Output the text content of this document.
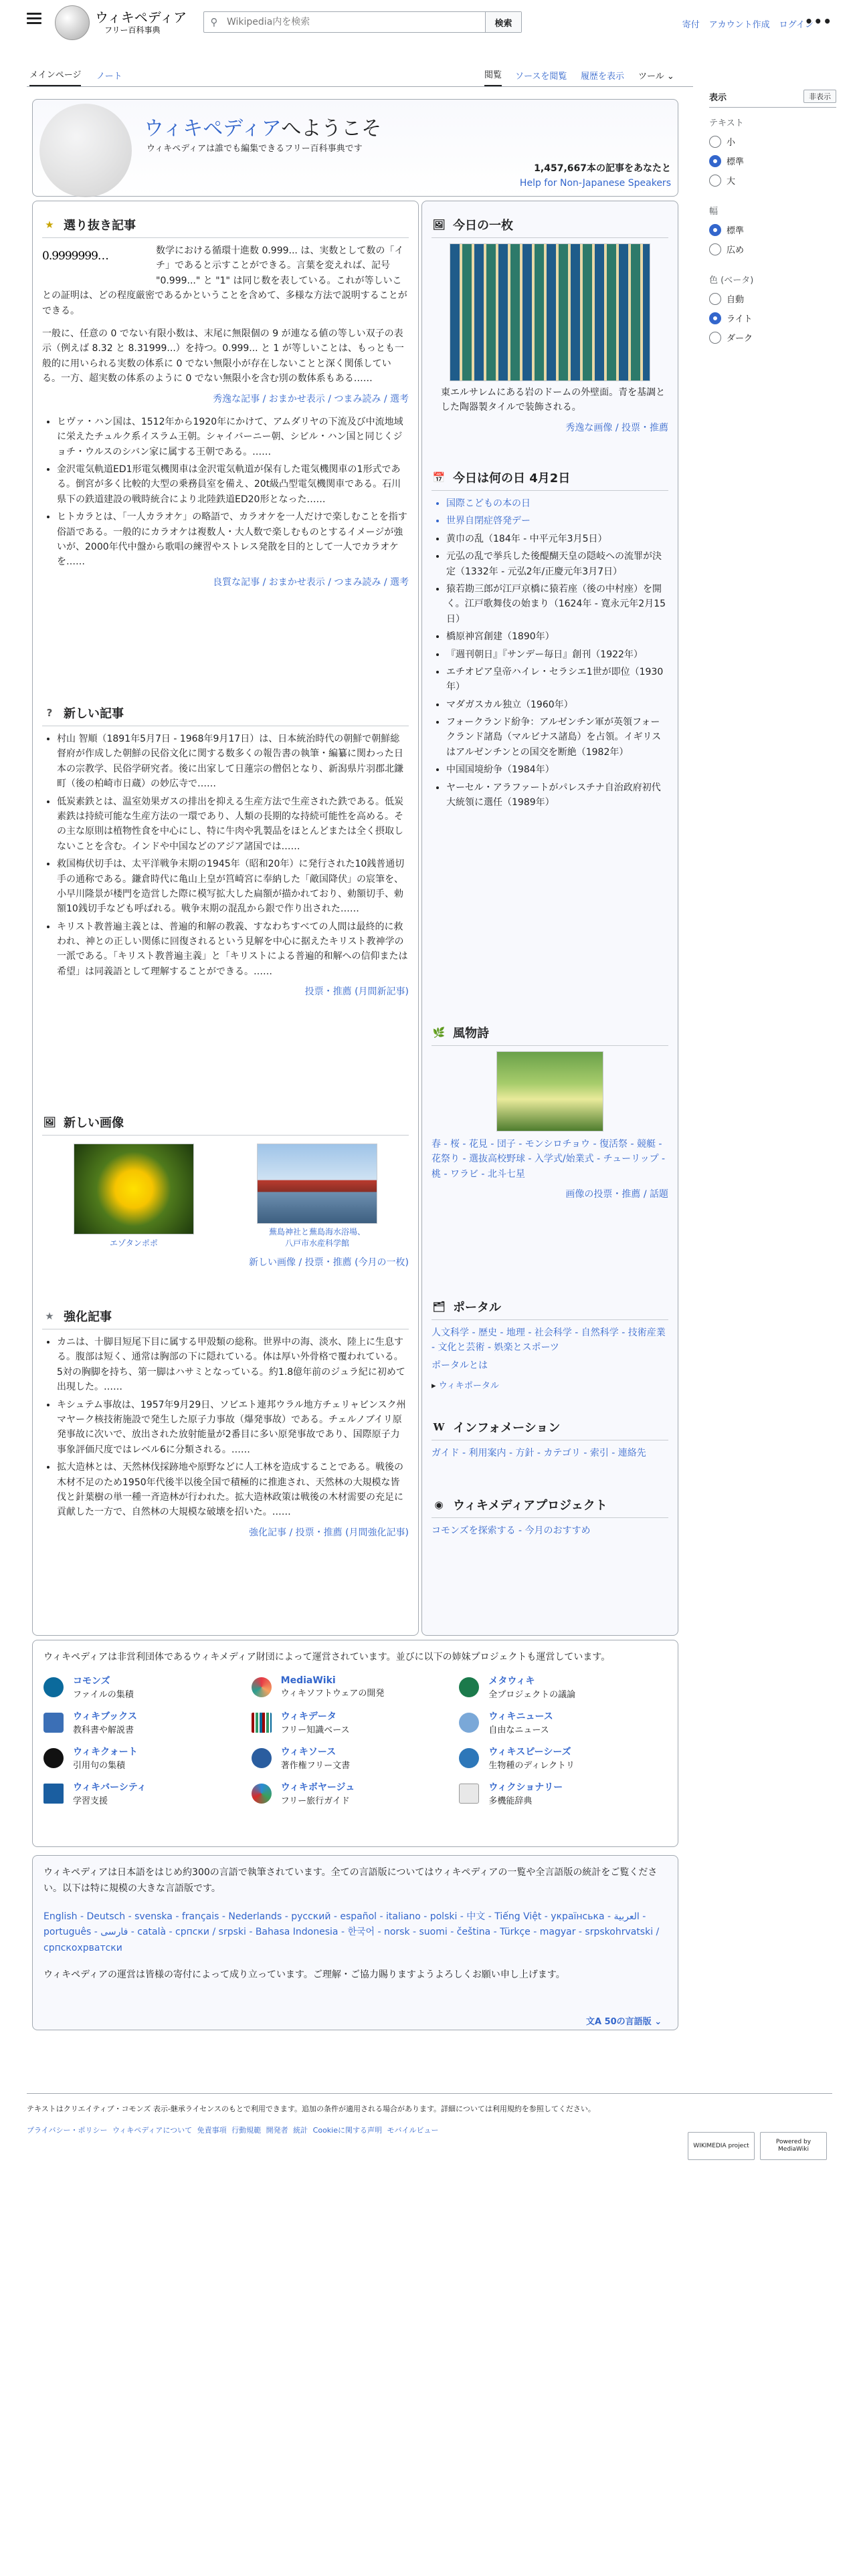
ウィキペディア
フリー百科事典
⚲
Wikipedia内を検索	検索	寄付 アカウント作成 ログイン
•••
メインページ ノート	閲覧 ソースを閲覧 履歴を表示 ツール ⌄
表示	非表示
テキスト
小
標準
大
幅
標準
広め
色 (ベータ)
自動
ライト
ダーク
ウィキペディアへようこそ
ウィキペディアは誰でも編集できるフリー百科事典です
1,457,667本の記事をあなたと
Help for Non-Japanese Speakers
★ 選り抜き記事
0.9999999…	数学における循環十進数 0.999... は、実数として数の「イチ」であると示すことができる。言葉を変えれば、記号 "0.999..." と "1" は同じ数を表している。これが等しいことの証明は、どの程度厳密であるかということを含めて、多様な方法で説明することができる。

一般に、任意の 0 でない有限小数は、末尾に無限個の 9 が連なる値の等しい双子の表示（例えば 8.32 と 8.31999...）を持つ。0.999... と 1 が等しいことは、もっとも一般的に用いられる実数の体系に 0 でない無限小が存在しないことと深く関係している。一方、超実数の体系のように 0 でない無限小を含む別の数体系もある……

秀逸な記事 / おまかせ表示 / つまみ読み / 選考
• ヒヴァ・ハン国は、1512年から1920年にかけて、アムダリヤの下流及び中流地域に栄えたチュルク系イスラム王朝。シャイバーニー朝、シビル・ハン国と同じくジョチ・ウルスのシバン家に属する王朝である。……
• 金沢電気軌道ED1形電気機関車は金沢電気軌道が保有した電気機関車の1形式である。倒宮が多く比較的大型の乗務員室を備え、20t級凸型電気機関車である。石川県下の鉄道建設の戦時統合により北陸鉄道ED20形となった……
• ヒトカラとは、「一人カラオケ」の略語で、カラオケを一人だけで楽しむことを指す俗語である。一般的にカラオケは複数人・大人数で楽しむものとするイメージが強いが、2000年代中盤から歌唱の練習やストレス発散を目的として一人でカラオケを……
良質な記事 / おまかせ表示 / つまみ読み / 選考
? 新しい記事
• 村山 智順（1891年5月7日 - 1968年9月17日）は、日本統治時代の朝鮮で朝鮮総督府が作成した朝鮮の民俗文化に関する数多くの報告書の執筆・編纂に関わった日本の宗教学、民俗学研究者。後に出家して日蓮宗の僧侶となり、新潟県片羽郡北鎌町（後の柏崎市日蔵）の妙広寺で……
• 低炭素鉄とは、温室効果ガスの排出を抑える生産方法で生産された鉄である。低炭素鉄は持続可能な生産方法の一環であり、人類の長期的な持続可能性を高める。その主な原則は植物性食を中心にし、特に牛肉や乳製品をほとんどまたは全く摂取しないことを含む。インドや中国などのアジア諸国では……
• 救国梅伏切手は、太平洋戦争末期の1945年（昭和20年）に発行された10銭普通切手の通称である。鎌倉時代に亀山上皇が筥崎宮に奉納した「敵国降伏」の宸筆を、小早川隆景が楼門を造営した際に模写拡大した扁額が描かれており、勅額切手、勅額10銭切手なども呼ばれる。戦争末期の混乱から銀で作り出された……
• キリスト教普遍主義とは、普遍的和解の教義、すなわちすべての人間は最終的に救われ、神との正しい関係に回復されるという見解を中心に据えたキリスト教神学の一派である。「キリスト教普遍主義」と「キリストによる普遍的和解への信仰または希望」は同義語として理解することができる。……
投票・推薦 (月間新記事)
🖼 新しい画像
エゾタンポポ
蕪島神社と蕪島海水浴場、
八戸市水産科学館
新しい画像 / 投票・推薦 (今月の一枚)
★ 強化記事
• カニは、十脚目短尾下目に属する甲殻類の総称。世界中の海、淡水、陸上に生息する。腹部は短く、通常は胸部の下に隠れている。体は厚い外骨格で覆われている。5対の胸脚を持ち、第一脚はハサミとなっている。約1.8億年前のジュラ紀に初めて出現した。……
• キシュテム事故は、1957年9月29日、ソビエト連邦ウラル地方チェリャビンスク州マヤーク核技術施設で発生した原子力事故（爆発事故）である。チェルノブイリ原発事故に次いで、放出された放射能量が2番目に多い原発事故であり、国際原子力事象評価尺度ではレベル6に分類される。……
• 拡大造林とは、天然林伐採跡地や原野などに人工林を造成することである。戦後の木材不足のため1950年代後半以後全国で積極的に推進され、天然林の大規模な皆伐と針葉樹の単一種一斉造林が行われた。拡大造林政策は戦後の木材需要の充足に貢献した一方で、自然林の大規模な破壊を招いた。……
強化記事 / 投票・推薦 (月間強化記事)
🖼 今日の一枚

東エルサレムにある岩のドームの外壁面。青を基調とした陶器製タイルで装飾される。

秀逸な画像 / 投票・推薦
📅 今日は何の日 4月2日
• 国際こどもの本の日
• 世界自閉症啓発デー
• 黄巾の乱（184年 - 中平元年3月5日）
• 元弘の乱で挙兵した後醍醐天皇の隠岐への流罪が決定（1332年 - 元弘2年/正慶元年3月7日）
• 猿若勘三郎が江戸京橋に猿若座（後の中村座）を開く。江戸歌舞伎の始まり（1624年 - 寛永元年2月15日）
• 橋原神宮創建（1890年）
• 『週刊朝日』『サンデー毎日』創刊（1922年）
• エチオピア皇帝ハイレ・セラシエ1世が即位（1930年）
• マダガスカル独立（1960年）
• フォークランド紛争：アルゼンチン軍が英領フォークランド諸島（マルビナス諸島）を占領。イギリスはアルゼンチンとの国交を断絶（1982年）
• 中国国境紛争（1984年）
• ヤーセル・アラファートがパレスチナ自治政府初代大統領に選任（1989年）
🌿 風物詩

春 - 桜 - 花見 - 団子 - モンシロチョウ - 復活祭 - 競艇 - 花祭り - 選抜高校野球 - 入学式/始業式 - チューリップ - 桃 - ワラビ - 北斗七星

画像の投票・推薦 / 話題
🗂 ポータル

人文科学 - 歴史 - 地理 - 社会科学 - 自然科学 - 技術産業 - 文化と芸術 - 娯楽とスポーツ

ポータルとは

▸ ウィキポータル

W インフォメーション

ガイド - 利用案内 - 方針 - カテゴリ - 索引 - 連絡先

◉ ウィキメディアプロジェクト

コモンズを探索する - 今月のおすすめ

ウィキペディアは非営利団体であるウィキメディア財団によって運営されています。並びに以下の姉妹プロジェクトも運営しています。

コモンズ
ファイルの集積
MediaWiki
ウィキソフトウェアの開発
メタウィキ
全プロジェクトの議論
ウィキブックス
教科書や解説書
ウィキデータ
フリー知識ベース
ウィキニュース
自由なニュース
ウィキクォート
引用句の集積
ウィキソース
著作権フリー文書
ウィキスピーシーズ
生物種のディレクトリ
ウィキバーシティ
学習支援
ウィキボヤージュ
フリー旅行ガイド
ウィクショナリー
多機能辞典

ウィキペディアは日本語をはじめ約300の言語で執筆されています。全ての言語版についてはウィキペディアの一覧や全言語版の統計をご覧ください。以下は特に規模の大きな言語版です。

English - Deutsch - svenska - français - Nederlands - русский - español - italiano - polski - 中文 - Tiếng Việt - українська - العربية - português - فارسی - català - српски / srpski - Bahasa Indonesia - 한국어 - norsk - suomi - čeština - Türkçe - magyar - srpskohrvatski / српскохрватски

ウィキペディアの運営は皆様の寄付によって成り立っています。ご理解・ご協力賜りますようよろしくお願い申し上げます。

文A 50の言語版 ⌄

テキストはクリエイティブ・コモンズ 表示-継承ライセンスのもとで利用できます。追加の条件が適用される場合があります。詳細については利用規約を参照してください。

プライバシー・ポリシー ウィキペディアについて 免責事項 行動規範 開発者 統計 Cookieに関する声明 モバイルビュー

WIKIMEDIA project
Powered by MediaWiki
